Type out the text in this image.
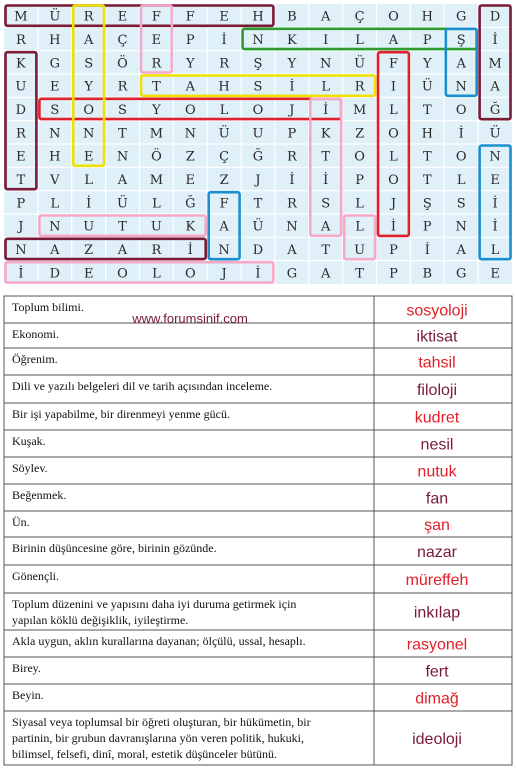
M Ü R E F F E H B A Ç O H G D
R H A Ç E P İ N K I L A P Ş İ
K G S Ö R Y R Ş Y N Ü F Y A M
U E Y R T A H S İ L R I Ü N A
D S O S Y O L O J İ M L T O Ğ
R N N T M N Ü U P K Z O H İ Ü
E H E N Ö Z Ç Ğ R T O L T O N
T V L A M E Z J İ İ P O T L E
P L İ Ü L Ğ F T R S L J Ş S İ
J N U T U K A Ü N A L İ P N İ
N A Z A R İ N D A T U P İ A L
İ D E O L O J İ G A T P B G E
Toplum bilimi.	sosyoloji
Ekonomi.	iktisat
Öğrenim.	tahsil
Dili ve yazılı belgeleri dil ve tarih açısından inceleme.	filoloji
Bir işi yapabilme, bir direnmeyi yenme gücü.	kudret
Kuşak.	nesil
Söylev.	nutuk
Beğenmek.	fan
Ün.	şan
Birinin düşüncesine göre, birinin gözünde.	nazar
Gönençli.	müreffeh
Toplum düzenini ve yapısını daha iyi duruma getirmek için
yapılan köklü değişiklik, iyileştirme.	inkılap
Akla uygun, aklın kurallarına dayanan; ölçülü, ussal, hesaplı.	rasyonel
Birey.	fert
Beyin.	dimağ
Siyasal veya toplumsal bir öğreti oluşturan, bir hükümetin, bir
partinin, bir grubun davranışlarına yön veren politik, hukuki,
bilimsel, felsefi, dinî, moral, estetik düşünceler bütünü.
ideoloji
www.forumsinif.com
